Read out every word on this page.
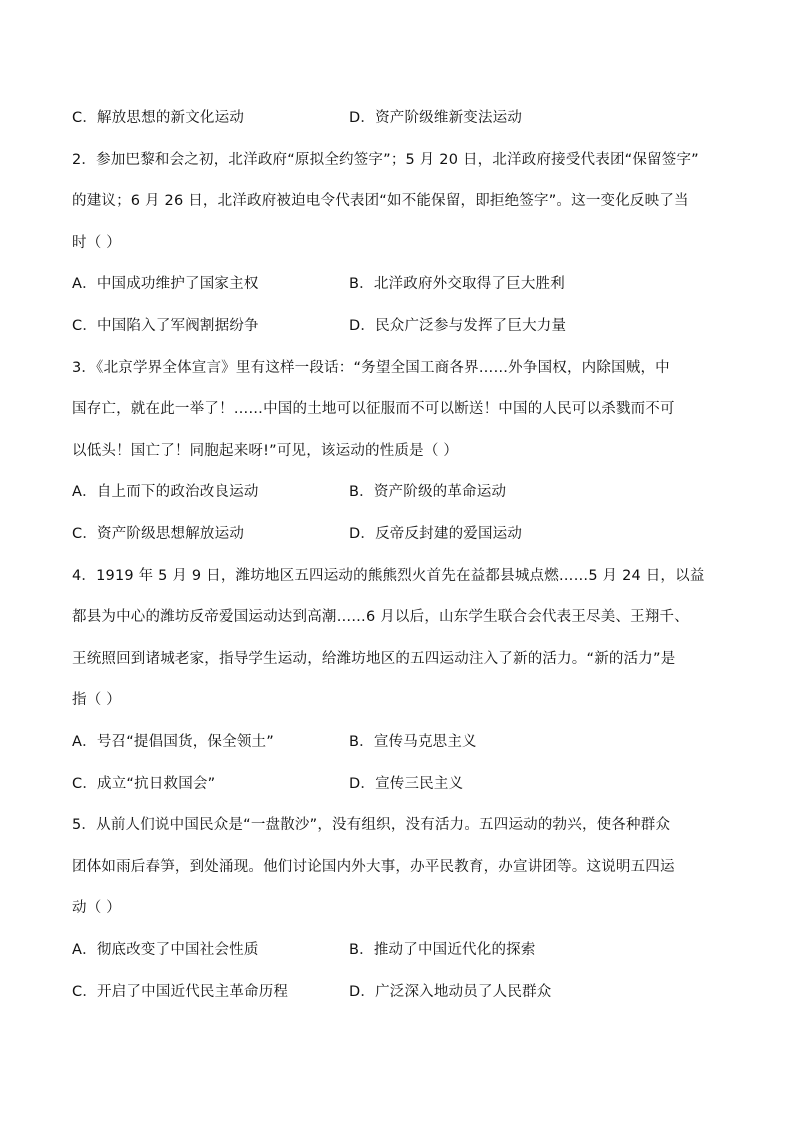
C．解放思想的新文化运动	D．资产阶级维新变法运动
2．参加巴黎和会之初，北洋政府“原拟全约签字”；5 月 20 日，北洋政府接受代表团“保留签字”
的建议；6 月 26 日，北洋政府被迫电令代表团“如不能保留，即拒绝签字”。这一变化反映了当
时（ ）
A．中国成功维护了国家主权	B．北洋政府外交取得了巨大胜利
C．中国陷入了军阀割据纷争	D．民众广泛参与发挥了巨大力量
3．《北京学界全体宣言》里有这样一段话：“务望全国工商各界……外争国权，内除国贼，中
国存亡，就在此一举了！……中国的土地可以征服而不可以断送！中国的人民可以杀戮而不可
以低头！国亡了！同胞起来呀!”可见，该运动的性质是（ ）
A．自上而下的政治改良运动	B．资产阶级的革命运动
C．资产阶级思想解放运动	D．反帝反封建的爱国运动
4．1919 年 5 月 9 日，潍坊地区五四运动的熊熊烈火首先在益都县城点燃……5 月 24 日，以益
都县为中心的潍坊反帝爱国运动达到高潮……6 月以后，山东学生联合会代表王尽美、王翔千、
王统照回到诸城老家，指导学生运动，给潍坊地区的五四运动注入了新的活力。“新的活力”是
指（ ）
A．号召“提倡国货，保全领土”	B．宣传马克思主义
C．成立“抗日救国会”	D．宣传三民主义
5．从前人们说中国民众是“一盘散沙”，没有组织，没有活力。五四运动的勃兴，使各种群众
团体如雨后春笋，到处涌现。他们讨论国内外大事，办平民教育，办宣讲团等。这说明五四运
动（ ）
A．彻底改变了中国社会性质	B．推动了中国近代化的探索
C．开启了中国近代民主革命历程	D．广泛深入地动员了人民群众
